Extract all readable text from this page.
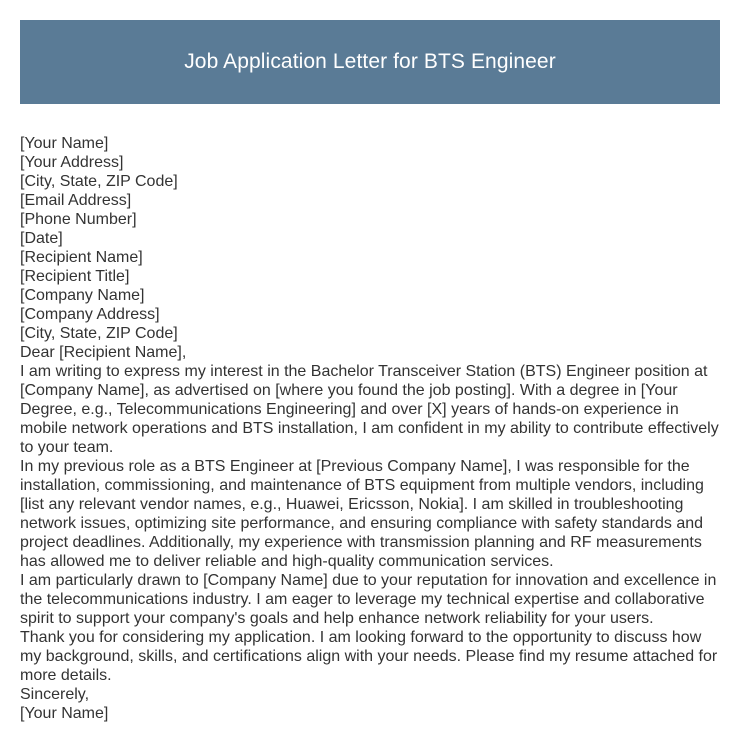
Job Application Letter for BTS Engineer

[Your Name]

[Your Address]

[City, State, ZIP Code]

[Email Address]

[Phone Number]

[Date]

[Recipient Name]

[Recipient Title]

[Company Name]

[Company Address]

[City, State, ZIP Code]

Dear [Recipient Name],

I am writing to express my interest in the Bachelor Transceiver Station (BTS) Engineer position at [Company Name], as advertised on [where you found the job posting]. With a degree in [Your Degree, e.g., Telecommunications Engineering] and over [X] years of hands-on experience in mobile network operations and BTS installation, I am confident in my ability to contribute effectively to your team.

In my previous role as a BTS Engineer at [Previous Company Name], I was responsible for the installation, commissioning, and maintenance of BTS equipment from multiple vendors, including [list any relevant vendor names, e.g., Huawei, Ericsson, Nokia]. I am skilled in troubleshooting network issues, optimizing site performance, and ensuring compliance with safety standards and project deadlines. Additionally, my experience with transmission planning and RF measurements has allowed me to deliver reliable and high-quality communication services.

I am particularly drawn to [Company Name] due to your reputation for innovation and excellence in the telecommunications industry. I am eager to leverage my technical expertise and collaborative spirit to support your company's goals and help enhance network reliability for your users.

Thank you for considering my application. I am looking forward to the opportunity to discuss how my background, skills, and certifications align with your needs. Please find my resume attached for more details.

Sincerely,

[Your Name]
